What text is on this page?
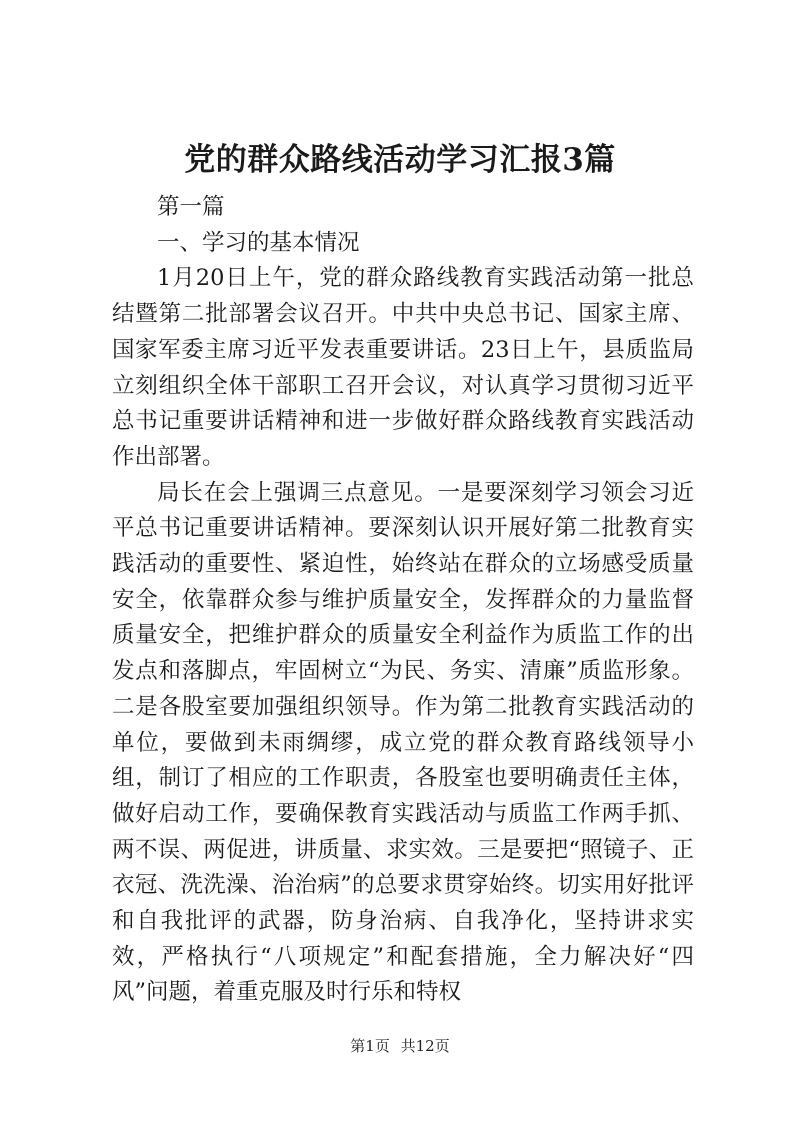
党的群众路线活动学习汇报3篇

第一篇

一、学习的基本情况

1月20日上午，党的群众路线教育实践活动第一批总结暨第二批部署会议召开。中共中央总书记、国家主席、国家军委主席习近平发表重要讲话。23日上午，县质监局立刻组织全体干部职工召开会议，对认真学习贯彻习近平总书记重要讲话精神和进一步做好群众路线教育实践活动作出部署。

局长在会上强调三点意见。一是要深刻学习领会习近平总书记重要讲话精神。要深刻认识开展好第二批教育实践活动的重要性、紧迫性，始终站在群众的立场感受质量安全，依靠群众参与维护质量安全，发挥群众的力量监督质量安全，把维护群众的质量安全利益作为质监工作的出发点和落脚点，牢固树立“为民、务实、清廉”质监形象。二是各股室要加强组织领导。作为第二批教育实践活动的单位，要做到未雨绸缪，成立党的群众教育路线领导小组，制订了相应的工作职责，各股室也要明确责任主体，做好启动工作，要确保教育实践活动与质监工作两手抓、两不误、两促进，讲质量、求实效。三是要把“照镜子、正衣冠、洗洗澡、治治病”的总要求贯穿始终。切实用好批评和自我批评的武器，防身治病、自我净化，坚持讲求实效，严格执行“八项规定”和配套措施，全力解决好“四风”问题，着重克服及时行乐和特权

第1页 共12页
